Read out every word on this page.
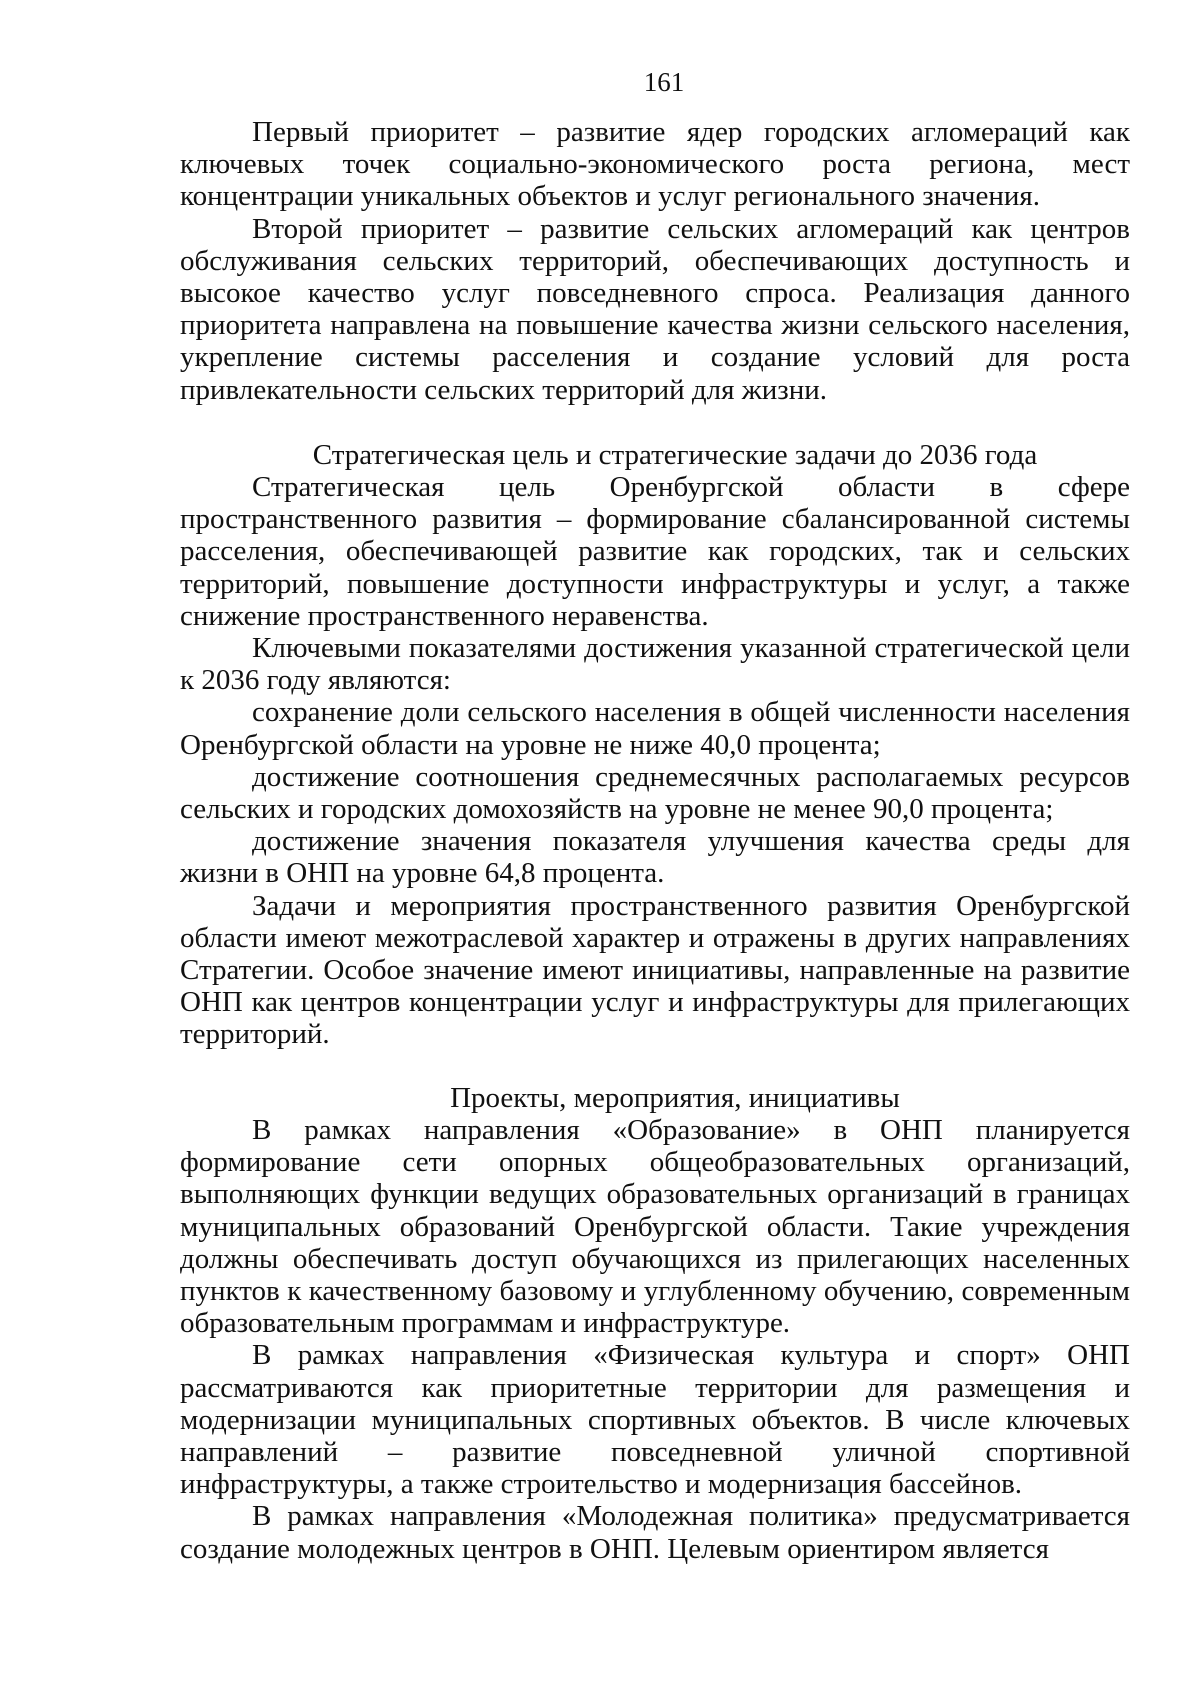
161

Первый приоритет – развитие ядер городских агломераций как ключевых точек социально-экономического роста региона, мест концентрации уникальных объектов и услуг регионального значения.

Второй приоритет – развитие сельских агломераций как центров обслуживания сельских территорий, обеспечивающих доступность и высокое качество услуг повседневного спроса. Реализация данного приоритета направлена на повышение качества жизни сельского населения, укрепление системы расселения и создание условий для роста привлекательности сельских территорий для жизни.

Стратегическая цель и стратегические задачи до 2036 года

Стратегическая цель Оренбургской области в сфере пространственного развития – формирование сбалансированной системы расселения, обеспечивающей развитие как городских, так и сельских территорий, повышение доступности инфраструктуры и услуг, а также снижение пространственного неравенства.

Ключевыми показателями достижения указанной стратегической цели к 2036 году являются:

сохранение доли сельского населения в общей численности населения Оренбургской области на уровне не ниже 40,0 процента;

достижение соотношения среднемесячных располагаемых ресурсов сельских и городских домохозяйств на уровне не менее 90,0 процента;

достижение значения показателя улучшения качества среды для жизни в ОНП на уровне 64,8 процента.

Задачи и мероприятия пространственного развития Оренбургской области имеют межотраслевой характер и отражены в других направлениях Стратегии. Особое значение имеют инициативы, направленные на развитие ОНП как центров концентрации услуг и инфраструктуры для прилегающих территорий.

Проекты, мероприятия, инициативы

В рамках направления «Образование» в ОНП планируется формирование сети опорных общеобразовательных организаций, выполняющих функции ведущих образовательных организаций в границах муниципальных образований Оренбургской области. Такие учреждения должны обеспечивать доступ обучающихся из прилегающих населенных пунктов к качественному базовому и углубленному обучению, современным образовательным программам и инфраструктуре.

В рамках направления «Физическая культура и спорт» ОНП рассматриваются как приоритетные территории для размещения и модернизации муниципальных спортивных объектов. В числе ключевых направлений – развитие повседневной уличной спортивной инфраструктуры, а также строительство и модернизация бассейнов.

В рамках направления «Молодежная политика» предусматривается создание молодежных центров в ОНП. Целевым ориентиром является
